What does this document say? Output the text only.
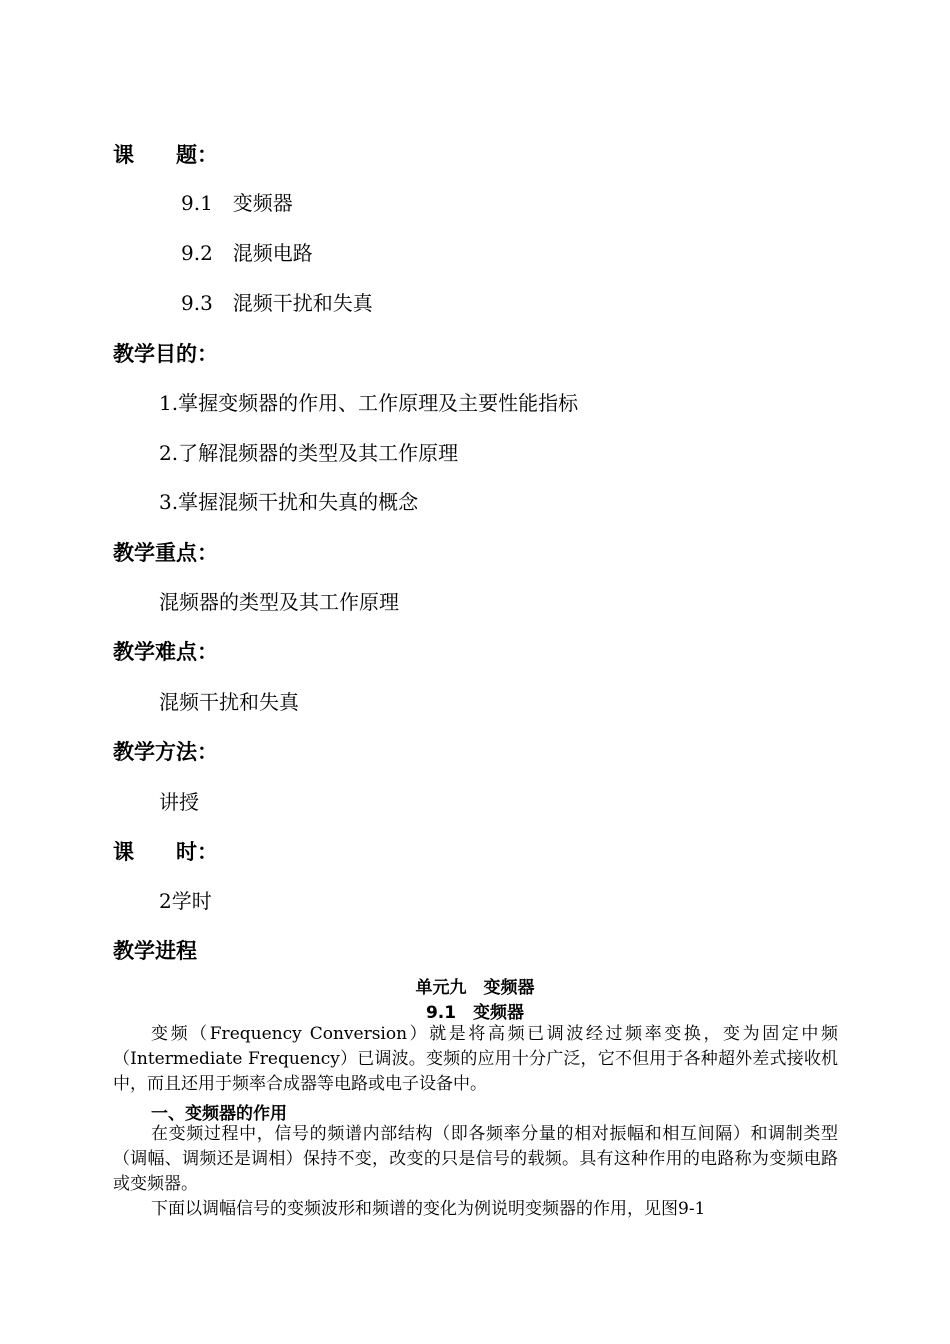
课　　题：
9.1　变频器
9.2　混频电路
9.3　混频干扰和失真
教学目的：
1.掌握变频器的作用、工作原理及主要性能指标
2.了解混频器的类型及其工作原理
3.掌握混频干扰和失真的概念
教学重点：
混频器的类型及其工作原理
教学难点：
混频干扰和失真
教学方法：
讲授
课　　时：
2学时
教学进程
单元九　变频器
9.1　变频器
变频（Frequency Conversion）就是将高频已调波经过频率变换，变为固定中频（Intermediate Frequency）已调波。变频的应用十分广泛，它不但用于各种超外差式接收机中，而且还用于频率合成器等电路或电子设备中。
一、变频器的作用
在变频过程中，信号的频谱内部结构（即各频率分量的相对振幅和相互间隔）和调制类型（调幅、调频还是调相）保持不变，改变的只是信号的载频。具有这种作用的电路称为变频电路或变频器。
下面以调幅信号的变频波形和频谱的变化为例说明变频器的作用，见图9-1
